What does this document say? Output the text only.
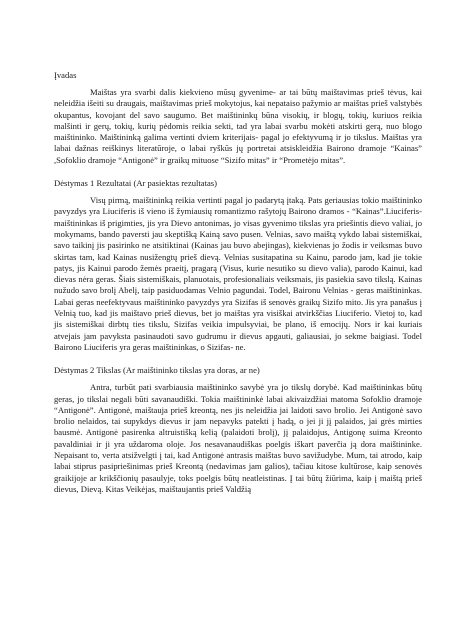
Įvadas

Maištas yra svarbi dalis kiekvieno mūsų gyvenime- ar tai būtų maištavimas prieš tėvus, kai neleidžia išeiti su draugais, maištavimas prieš mokytojus, kai nepataiso pažymio ar maištas prieš valstybės okupantus, kovojant del savo saugumo. Bet maištininkų būna visokių, ir blogų, tokių, kuriuos reikia malšinti ir gerų, tokių, kurių pėdomis reikia sekti, tad yra labai svarbu mokėti atskirti gerą, nuo blogo maištininko. Maištininką galima vertinti dviem kriterijais- pagal jo efektyvumą ir jo tikslus. Maištas yra labai dažnas reiškinys literatūroje, o labai ryškūs jų portretai atsiskleidžia Bairono dramoje “Kainas” ,Sofoklio dramoje “Antigonė” ir graikų mituose “Sizifo mitas” ir “Prometėjo mitas”.

Dėstymas 1 Rezultatai (Ar pasiektas rezultatas)

Visų pirmą, maištininką reikia vertinti pagal jo padarytą įtaką. Pats geriausias tokio maištininko pavyzdys yra Liuciferis iš vieno iš žymiausių romantizmo rašytojų Bairono dramos - “Kainas”.Liuciferis- maištininkas iš prigimties, jis yra Dievo antonimas, jo visas gyvenimo tikslas yra priešintis dievo valiai, jo mokymams, bando paversti jau skeptišką Kainą savo pusen. Velnias, savo maištą vykdo labai sistemiškai, savo taikinį jis pasirinko ne atsitiktinai (Kainas jau buvo abejingas), kiekvienas jo žodis ir veiksmas buvo skirtas tam, kad Kainas nusižengtų prieš dievą. Velnias susitapatina su Kainu, parodo jam, kad jie tokie patys, jis Kainui parodo žemės praeitį, pragarą (Visus, kurie nesutiko su dievo valia), parodo Kainui, kad dievas nėra geras. Šiais sistemiškais, planuotais, profesionaliais veiksmais, jis pasiekia savo tikslą. Kainas nužudo savo brolį Abelį, taip pasiduodamas Velnio pagundai. Todel, Baironu Velnias - geras maištininkas. Labai geras neefektyvaus maištininko pavyzdys yra Sizifas iš senovės graikų Sizifo mito. Jis yra panašus į Velnią tuo, kad jis maištavo prieš dievus, bet jo maištas yra visiškai atvirkščias Liuciferio. Vietoj to, kad jis sistemiškai dirbtų ties tikslu, Sizifas veikia impulsyviai, be plano, iš emocijų. Nors ir kai kuriais atvejais jam pavyksta pasinaudoti savo gudrumu ir dievus apgauti, galiausiai, jo sekme baigiasi. Todel Bairono Liuciferis yra geras maištininkas, o Sizifas- ne.

Dėstymas 2 Tikslas (Ar maištininko tikslas yra doras, ar ne)

Antra, turbūt pati svarbiausia maištininko savybė yra jo tikslų dorybė. Kad maištininkas būtų geras, jo tikslai negali būti savanaudiški. Tokia maištininkė labai akivaizdžiai matoma Sofoklio dramoje “Antigonė”. Antigonė, maištauja prieš kreontą, nes jis neleidžia jai laidoti savo brolio. Jei Antigonė savo brolio nelaidos, tai supykdys dievus ir jam nepavyks patekti į hadą, o jei ji jį palaidos, jai grės mirties bausmė. Antigonė pasirenka altruistišką kelią (palaidoti brolį), jį palaidojus, Antigonę suima Kreonto pavaldiniai ir ji yra uždaroma oloje. Jos nesavanaudiškas poelgis iškart paverčia ją dora maištininke. Nepaisant to, verta atsižvelgti į tai, kad Antigonė antrasis maištas buvo savižudybe. Mum, tai atrodo, kaip labai stiprus pasipriešinimas prieš Kreontą (nedavimas jam galios), tačiau kitose kultūrose, kaip senovės graikijoje ar krikščionių pasaulyje, toks poelgis būtų neatleistinas. Į tai būtų žiūrima, kaip į maištą prieš dievus, Dievą. Kitas Veikėjas, maištaujantis prieš Valdžią
